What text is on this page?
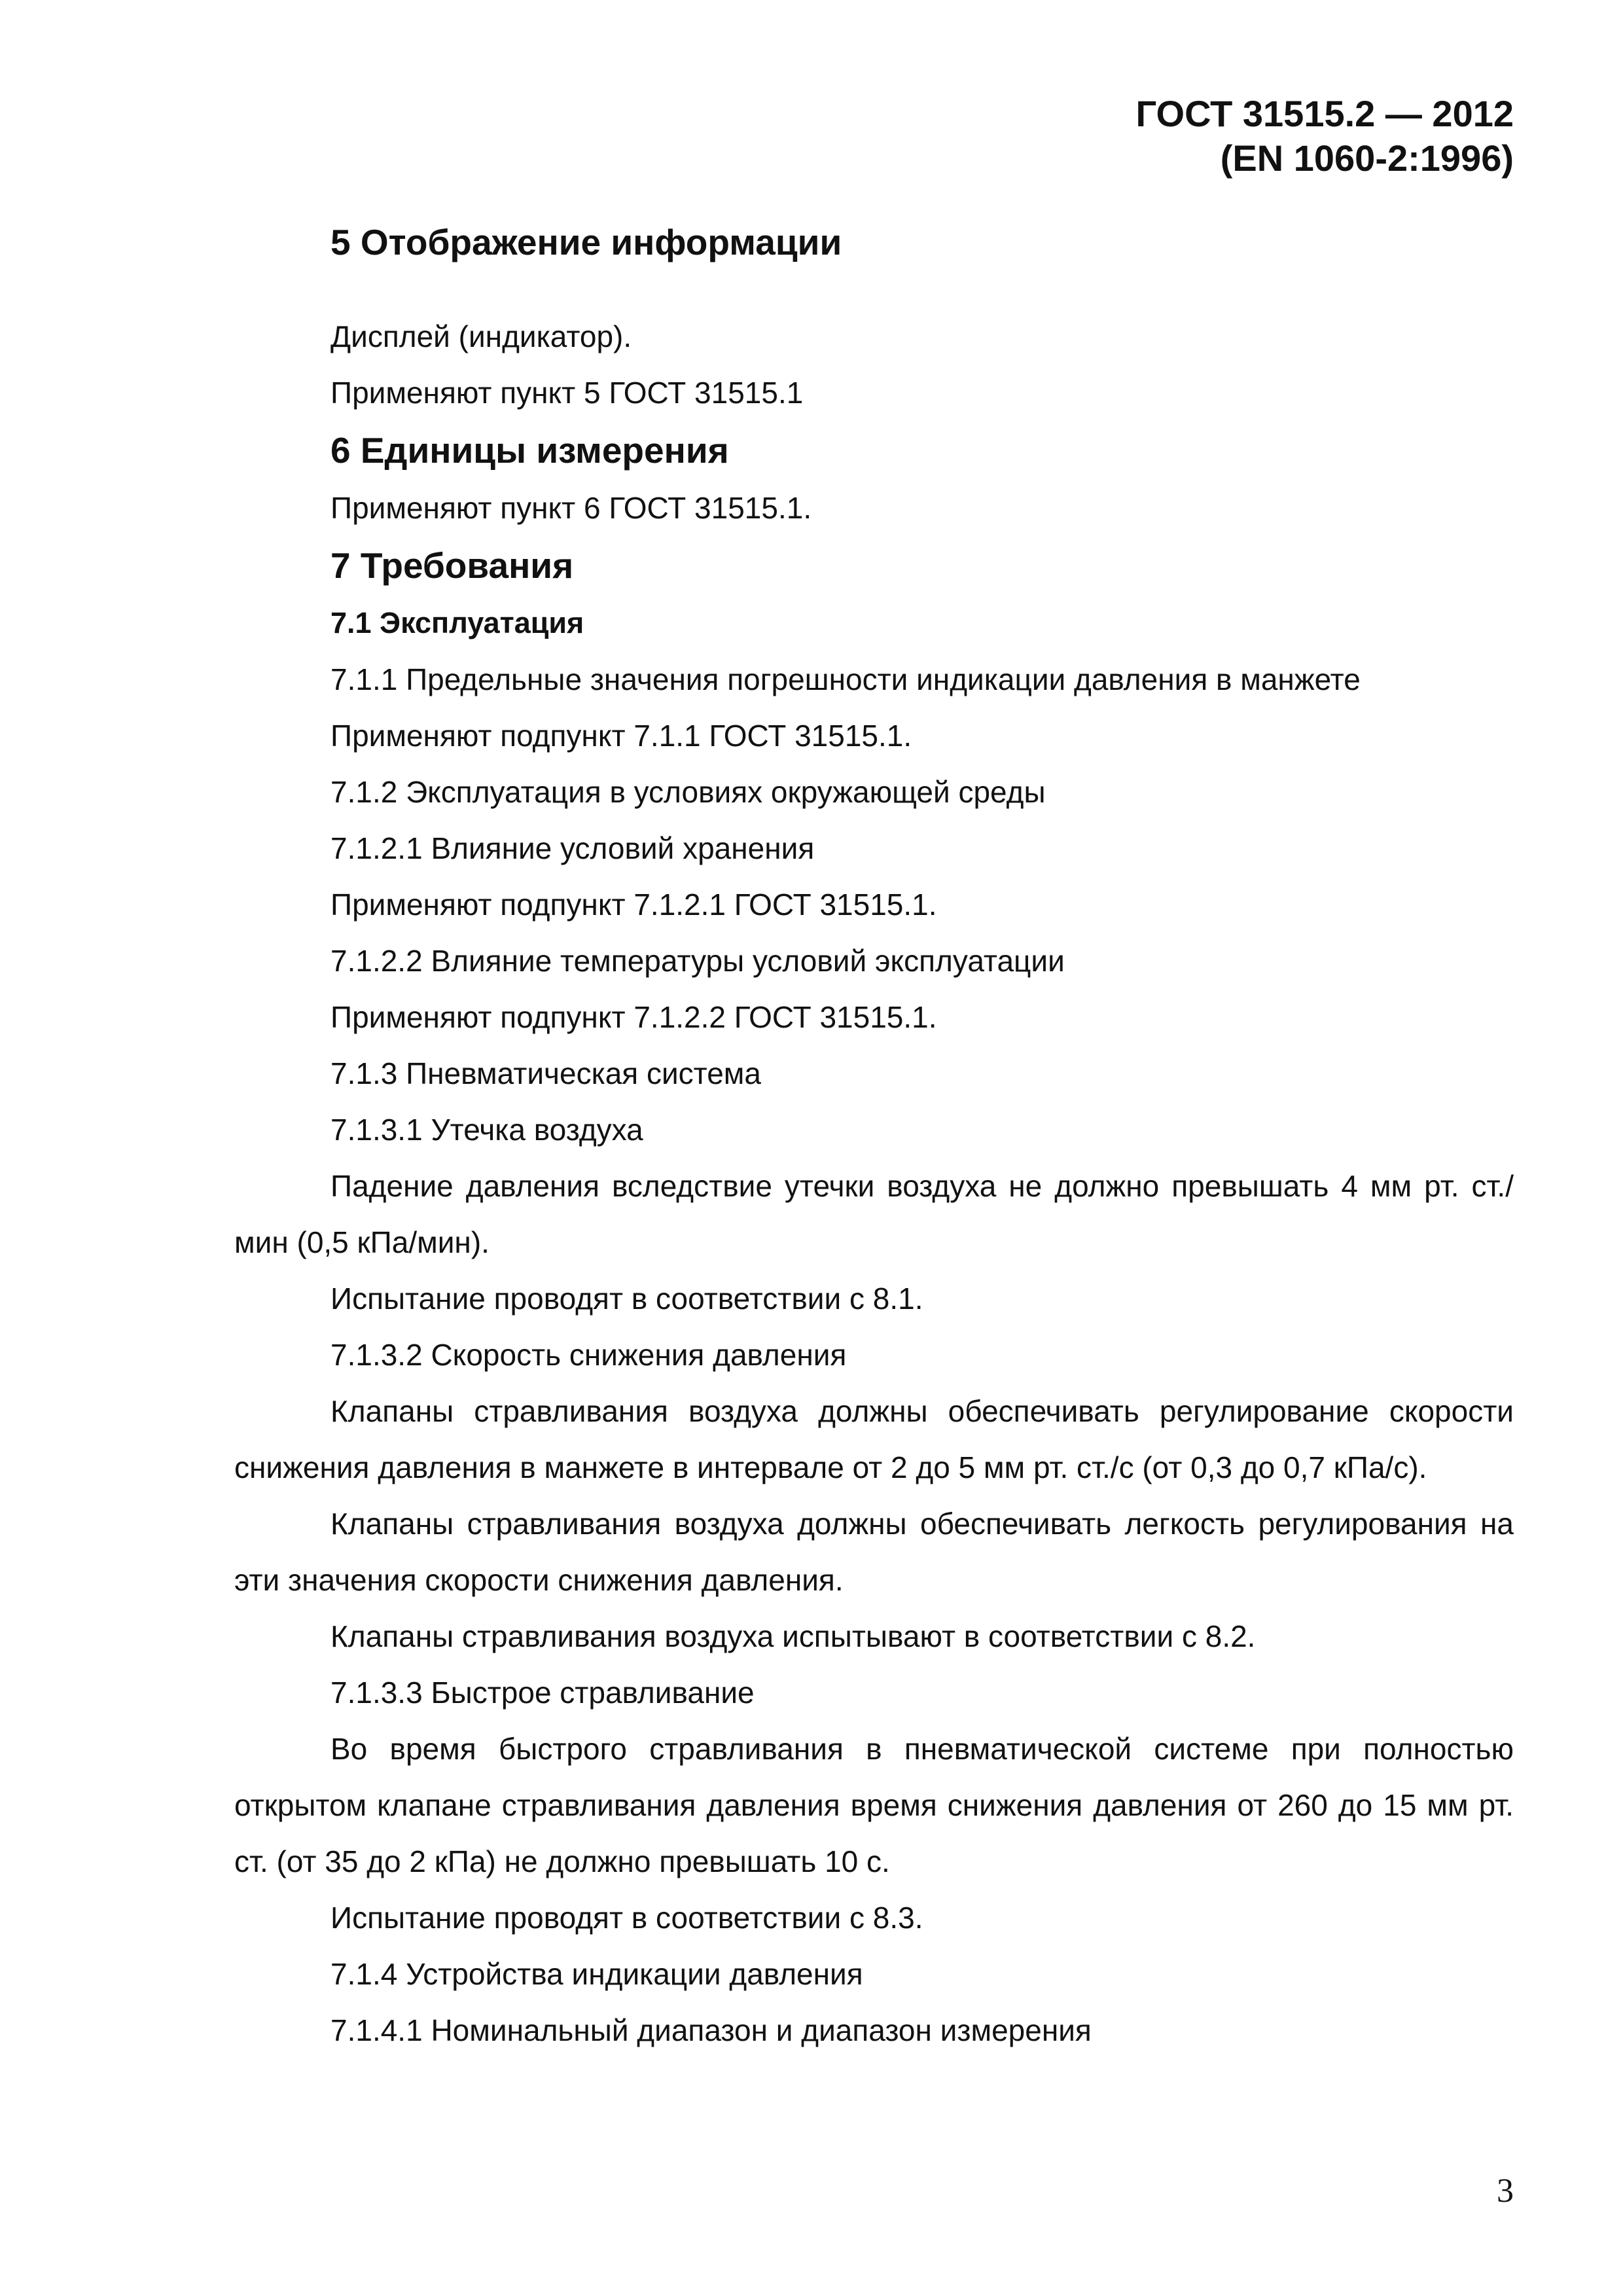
ГОСТ 31515.2 — 2012
(EN 1060-2:1996)
5 Отображение информации
Дисплей (индикатор).
Применяют пункт 5 ГОСТ 31515.1
6 Единицы измерения
Применяют пункт 6 ГОСТ 31515.1.
7 Требования
7.1 Эксплуатация
7.1.1 Предельные значения погрешности индикации давления в манжете
Применяют подпункт 7.1.1 ГОСТ 31515.1.
7.1.2 Эксплуатация в условиях окружающей среды
7.1.2.1 Влияние условий хранения
Применяют подпункт 7.1.2.1 ГОСТ 31515.1.
7.1.2.2 Влияние температуры условий эксплуатации
Применяют подпункт 7.1.2.2 ГОСТ 31515.1.
7.1.3 Пневматическая система
7.1.3.1 Утечка воздуха
Падение давления вследствие утечки воздуха не должно превышать 4 мм рт. ст./мин (0,5 кПа/мин).
Испытание проводят в соответствии с 8.1.
7.1.3.2 Скорость снижения давления
Клапаны стравливания воздуха должны обеспечивать регулирование скорости снижения давления в манжете в интервале от 2 до 5 мм рт. ст./с (от 0,3 до 0,7 кПа/с).
Клапаны стравливания воздуха должны обеспечивать легкость регулирования на эти значения скорости снижения давления.
Клапаны стравливания воздуха испытывают в соответствии с 8.2.
7.1.3.3 Быстрое стравливание
Во время быстрого стравливания в пневматической системе при полностью открытом клапане стравливания давления время снижения давления от 260 до 15 мм рт. ст. (от 35 до 2 кПа) не должно превышать 10 с.
Испытание проводят в соответствии с 8.3.
7.1.4 Устройства индикации давления
7.1.4.1 Номинальный диапазон и диапазон измерения
3
